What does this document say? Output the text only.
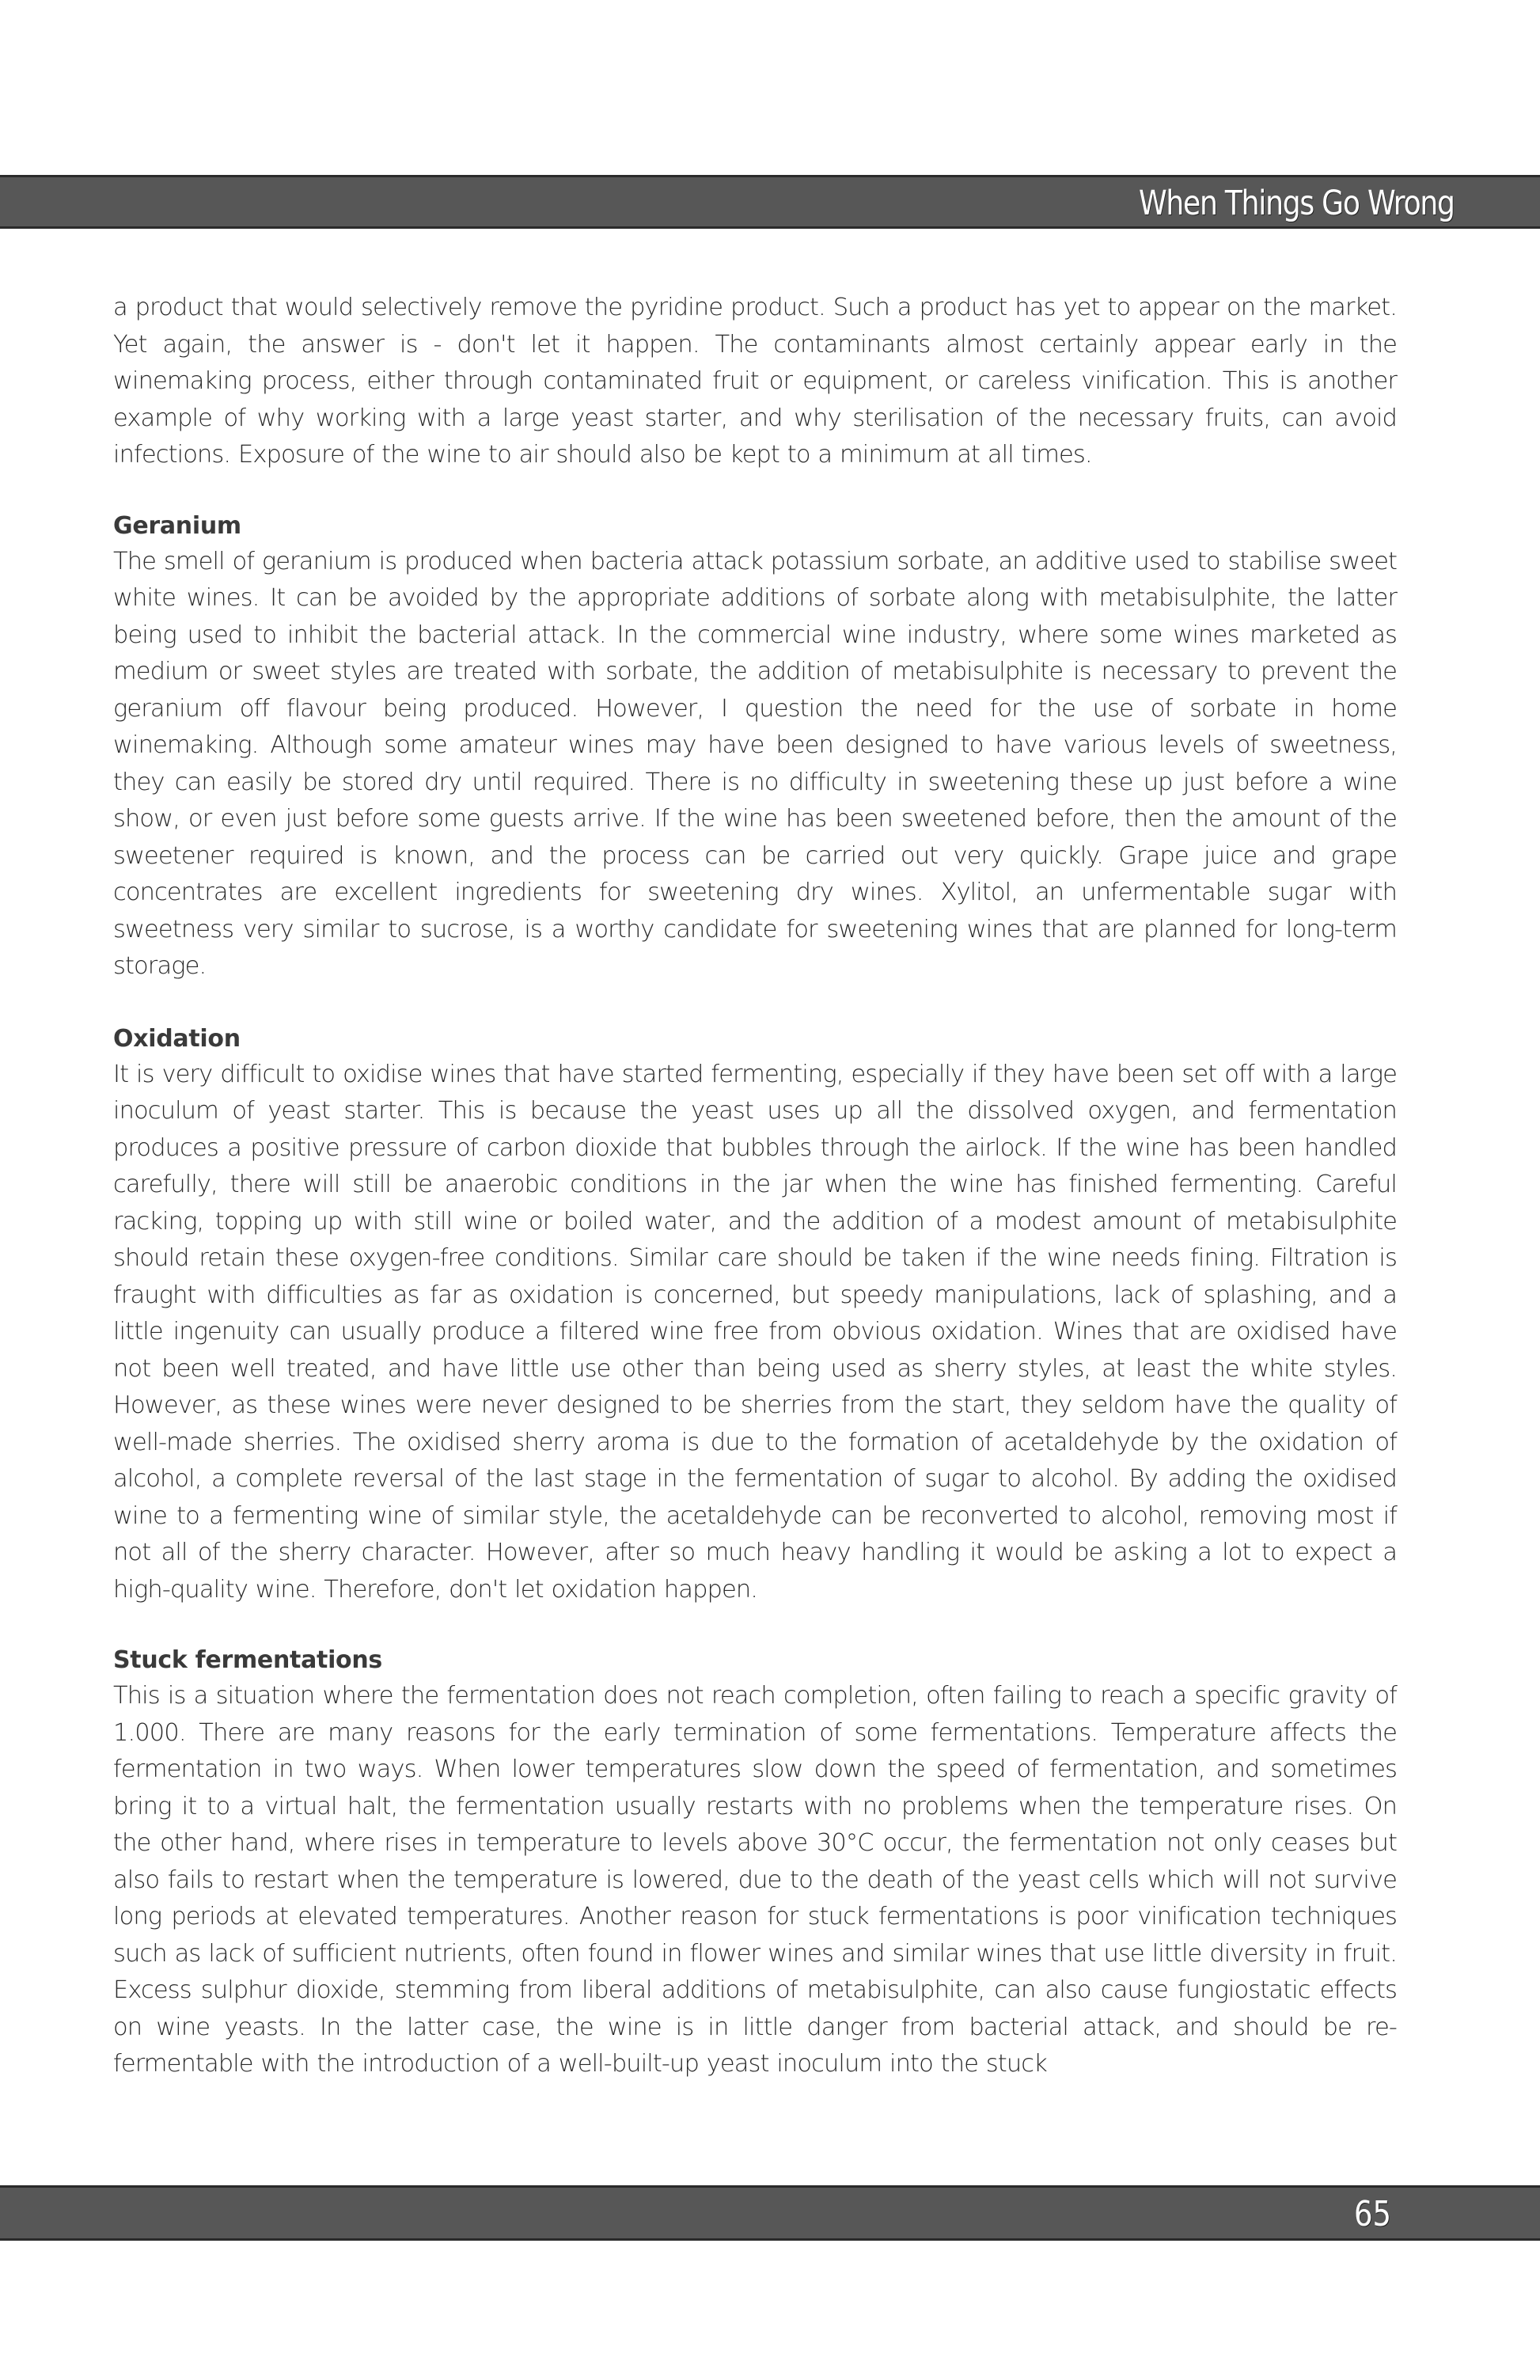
When Things Go Wrong

a product that would selectively remove the pyridine product. Such a product has yet to appear on the market. Yet again, the answer is - don't let it happen. The contaminants almost certainly appear early in the winemaking process, either through contaminated fruit or equipment, or careless vinification. This is another example of why working with a large yeast starter, and why sterilisation of the necessary fruits, can avoid infections. Exposure of the wine to air should also be kept to a minimum at all times.

Geranium

The smell of geranium is produced when bacteria attack potassium sorbate, an additive used to stabilise sweet white wines. It can be avoided by the appropriate additions of sorbate along with metabisulphite, the latter being used to inhibit the bacterial attack. In the commercial wine industry, where some wines marketed as medium or sweet styles are treated with sorbate, the addition of metabisulphite is necessary to prevent the geranium off flavour being produced. However, I question the need for the use of sorbate in home winemaking. Although some amateur wines may have been designed to have various levels of sweetness, they can easily be stored dry until required. There is no difficulty in sweetening these up just before a wine show, or even just before some guests arrive. If the wine has been sweetened before, then the amount of the sweetener required is known, and the process can be carried out very quickly. Grape juice and grape concentrates are excellent ingredients for sweetening dry wines. Xylitol, an unfermentable sugar with sweetness very similar to sucrose, is a worthy candidate for sweetening wines that are planned for long-term storage.

Oxidation

It is very difficult to oxidise wines that have started fermenting, especially if they have been set off with a large inoculum of yeast starter. This is because the yeast uses up all the dissolved oxygen, and fermentation produces a positive pressure of carbon dioxide that bubbles through the airlock. If the wine has been handled carefully, there will still be anaerobic conditions in the jar when the wine has finished fermenting. Careful racking, topping up with still wine or boiled water, and the addition of a modest amount of metabisulphite should retain these oxygen-free conditions. Similar care should be taken if the wine needs fining. Filtration is fraught with difficulties as far as oxidation is concerned, but speedy manipulations, lack of splashing, and a little ingenuity can usually produce a filtered wine free from obvious oxidation. Wines that are oxidised have not been well treated, and have little use other than being used as sherry styles, at least the white styles. However, as these wines were never designed to be sherries from the start, they seldom have the quality of well-made sherries. The oxidised sherry aroma is due to the formation of acetaldehyde by the oxidation of alcohol, a complete reversal of the last stage in the fermentation of sugar to alcohol. By adding the oxidised wine to a fermenting wine of similar style, the acetaldehyde can be reconverted to alcohol, removing most if not all of the sherry character. However, after so much heavy handling it would be asking a lot to expect a high-quality wine. Therefore, don't let oxidation happen.

Stuck fermentations

This is a situation where the fermentation does not reach completion, often failing to reach a specific gravity of 1.000. There are many reasons for the early termination of some fermentations. Temperature affects the fermentation in two ways. When lower temperatures slow down the speed of fermentation, and sometimes bring it to a virtual halt, the fermentation usually restarts with no problems when the temperature rises. On the other hand, where rises in temperature to levels above 30°C occur, the fermentation not only ceases but also fails to restart when the temperature is lowered, due to the death of the yeast cells which will not survive long periods at elevated temperatures. Another reason for stuck fermentations is poor vinification techniques such as lack of sufficient nutrients, often found in flower wines and similar wines that use little diversity in fruit. Excess sulphur dioxide, stemming from liberal additions of metabisulphite, can also cause fungiostatic effects on wine yeasts. In the latter case, the wine is in little danger from bacterial attack, and should be re-fermentable with the introduction of a well-built-up yeast inoculum into the stuck

65
